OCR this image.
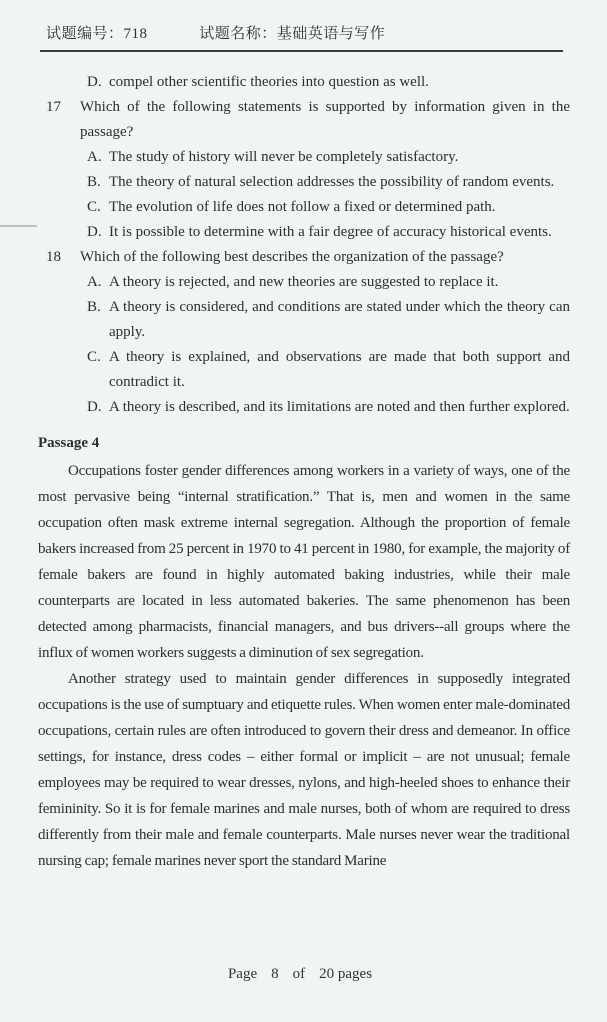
试题编号：718	试题名称：基础英语与写作
D. compel other scientific theories into question as well.
17	Which of the following statements is supported by information given in the passage?
A. The study of history will never be completely satisfactory.
B. The theory of natural selection addresses the possibility of random events.
C. The evolution of life does not follow a fixed or determined path.
D. It is possible to determine with a fair degree of accuracy historical events.
18	Which of the following best describes the organization of the passage?
A. A theory is rejected, and new theories are suggested to replace it.
B. A theory is considered, and conditions are stated under which the theory can apply.
C. A theory is explained, and observations are made that both support and contradict it.
D. A theory is described, and its limitations are noted and then further explored.
Passage 4

Occupations foster gender differences among workers in a variety of ways, one of the most pervasive being “internal stratification.” That is, men and women in the same occupation often mask extreme internal segregation. Although the proportion of female bakers increased from 25 percent in 1970 to 41 percent in 1980, for example, the majority of female bakers are found in highly automated baking industries, while their male counterparts are located in less automated bakeries. The same phenomenon has been detected among pharmacists, financial managers, and bus drivers--all groups where the influx of women workers suggests a diminution of sex segregation.

Another strategy used to maintain gender differences in supposedly integrated occupations is the use of sumptuary and etiquette rules. When women enter male-dominated occupations, certain rules are often introduced to govern their dress and demeanor. In office settings, for instance, dress codes – either formal or implicit – are not unusual; female employees may be required to wear dresses, nylons, and high-heeled shoes to enhance their femininity. So it is for female marines and male nurses, both of whom are required to dress differently from their male and female counterparts. Male nurses never wear the traditional nursing cap; female marines never sport the standard Marine

Page 8 of 20 pages
